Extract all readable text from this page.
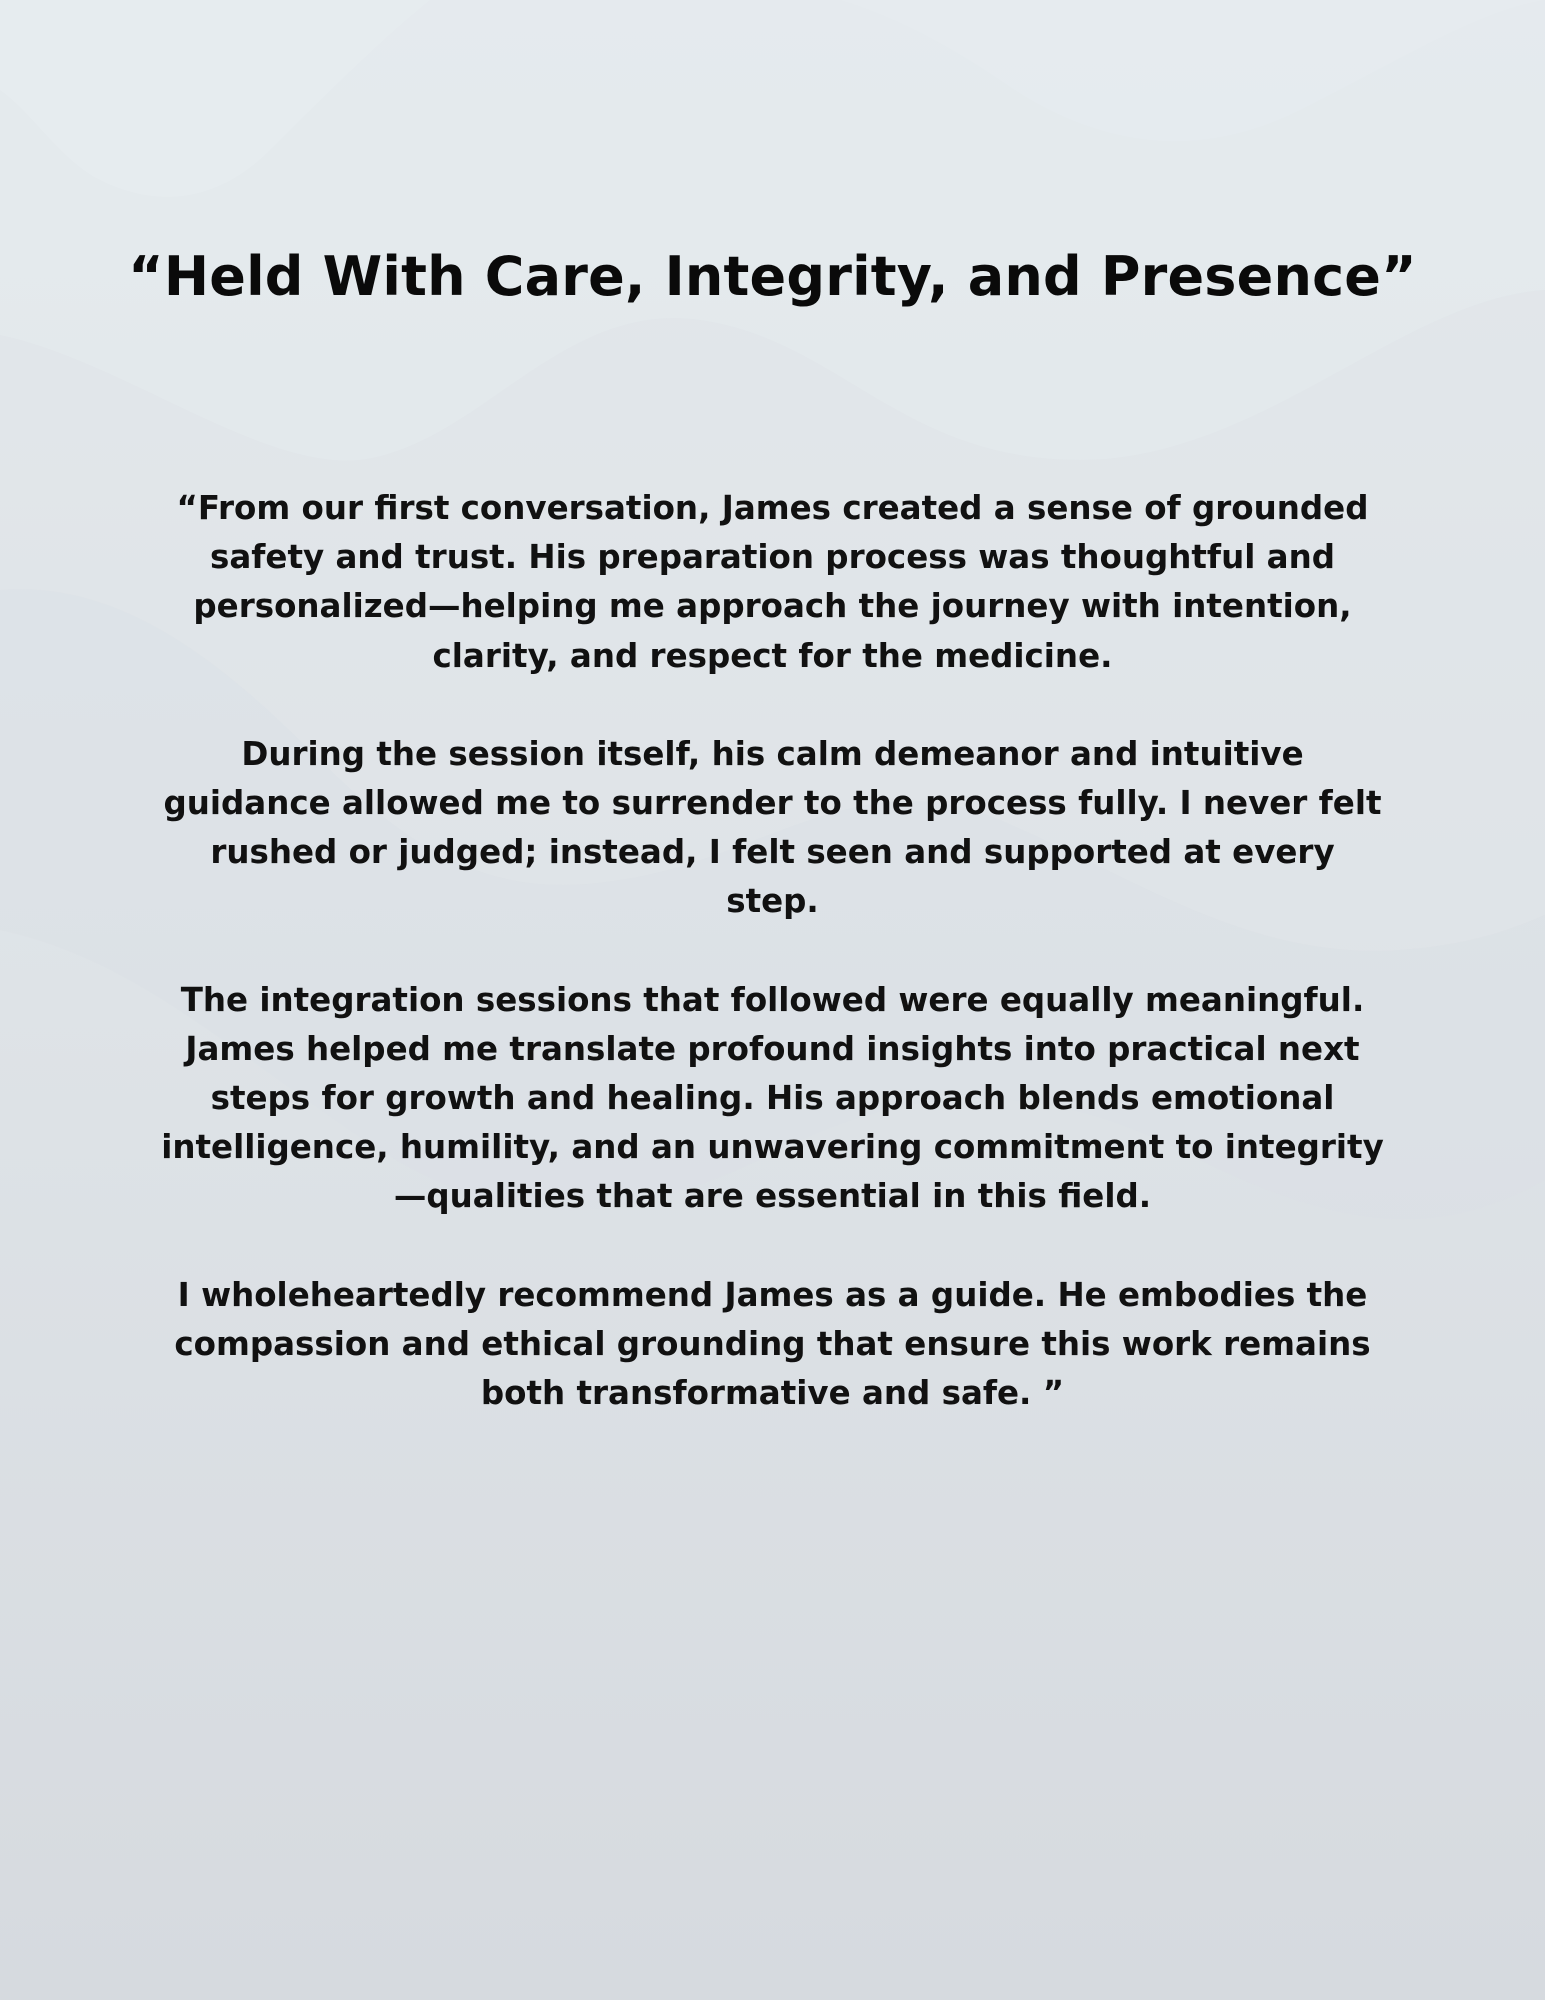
“Held With Care, Integrity, and Presence”

“From our first conversation, James created a sense of grounded safety and trust. His preparation process was thoughtful and personalized—helping me approach the journey with intention, clarity, and respect for the medicine.

During the session itself, his calm demeanor and intuitive guidance allowed me to surrender to the process fully. I never felt rushed or judged; instead, I felt seen and supported at every step.

The integration sessions that followed were equally meaningful. James helped me translate profound insights into practical next steps for growth and healing. His approach blends emotional intelligence, humility, and an unwavering commitment to integrity—qualities that are essential in this field.

I wholeheartedly recommend James as a guide. He embodies the compassion and ethical grounding that ensure this work remains both transformative and safe. ”
